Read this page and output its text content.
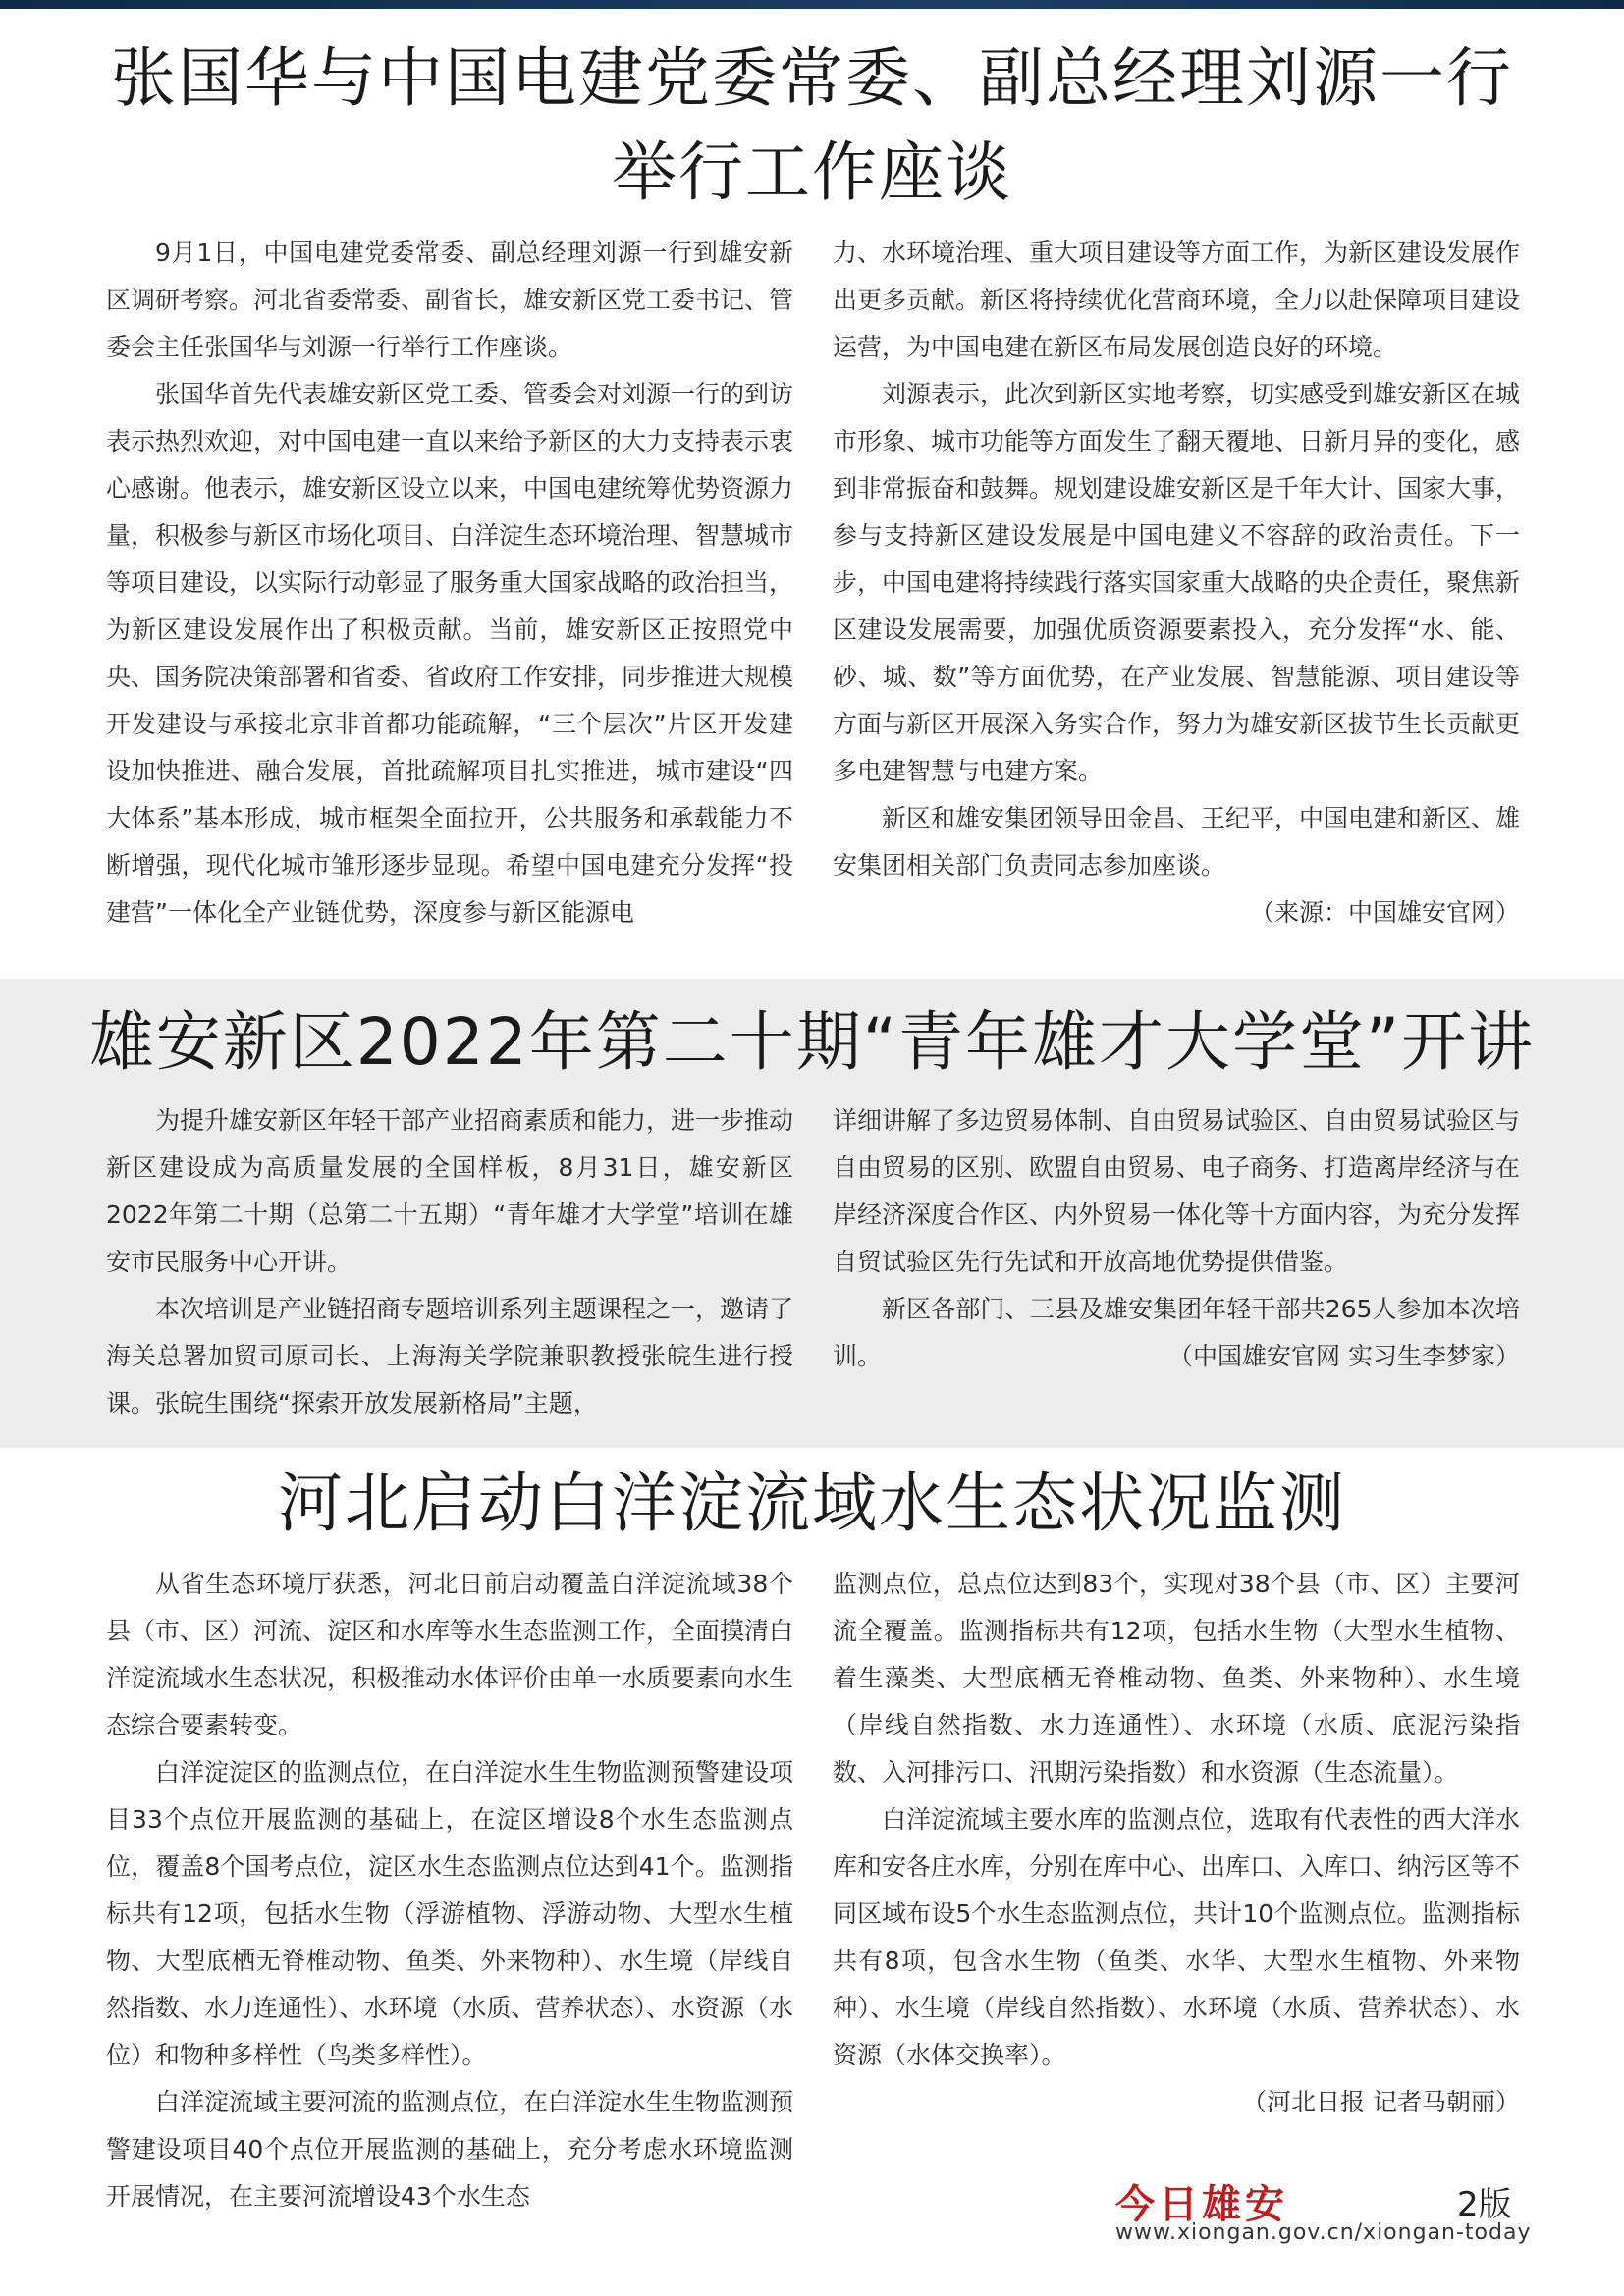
张国华与中国电建党委常委、副总经理刘源一行
举行工作座谈

9月1日，中国电建党委常委、副总经理刘源一行到雄安新区调研考察。河北省委常委、副省长，雄安新区党工委书记、管委会主任张国华与刘源一行举行工作座谈。

张国华首先代表雄安新区党工委、管委会对刘源一行的到访表示热烈欢迎，对中国电建一直以来给予新区的大力支持表示衷心感谢。他表示，雄安新区设立以来，中国电建统筹优势资源力量，积极参与新区市场化项目、白洋淀生态环境治理、智慧城市等项目建设，以实际行动彰显了服务重大国家战略的政治担当，为新区建设发展作出了积极贡献。当前，雄安新区正按照党中央、国务院决策部署和省委、省政府工作安排，同步推进大规模开发建设与承接北京非首都功能疏解，“三个层次”片区开发建设加快推进、融合发展，首批疏解项目扎实推进，城市建设“四大体系”基本形成，城市框架全面拉开，公共服务和承载能力不断增强，现代化城市雏形逐步显现。希望中国电建充分发挥“投建营”一体化全产业链优势，深度参与新区能源电

力、水环境治理、重大项目建设等方面工作，为新区建设发展作出更多贡献。新区将持续优化营商环境，全力以赴保障项目建设运营，为中国电建在新区布局发展创造良好的环境。

刘源表示，此次到新区实地考察，切实感受到雄安新区在城市形象、城市功能等方面发生了翻天覆地、日新月异的变化，感到非常振奋和鼓舞。规划建设雄安新区是千年大计、国家大事，参与支持新区建设发展是中国电建义不容辞的政治责任。下一步，中国电建将持续践行落实国家重大战略的央企责任，聚焦新区建设发展需要，加强优质资源要素投入，充分发挥“水、能、砂、城、数”等方面优势，在产业发展、智慧能源、项目建设等方面与新区开展深入务实合作，努力为雄安新区拔节生长贡献更多电建智慧与电建方案。

新区和雄安集团领导田金昌、王纪平，中国电建和新区、雄安集团相关部门负责同志参加座谈。

（来源：中国雄安官网）
雄安新区2022年第二十期“青年雄才大学堂”开讲

为提升雄安新区年轻干部产业招商素质和能力，进一步推动新区建设成为高质量发展的全国样板，8月31日，雄安新区2022年第二十期（总第二十五期）“青年雄才大学堂”培训在雄安市民服务中心开讲。

本次培训是产业链招商专题培训系列主题课程之一，邀请了海关总署加贸司原司长、上海海关学院兼职教授张皖生进行授课。张皖生围绕“探索开放发展新格局”主题，

详细讲解了多边贸易体制、自由贸易试验区、自由贸易试验区与自由贸易的区别、欧盟自由贸易、电子商务、打造离岸经济与在岸经济深度合作区、内外贸易一体化等十方面内容，为充分发挥自贸试验区先行先试和开放高地优势提供借鉴。

新区各部门、三县及雄安集团年轻干部共265人参加本次培训。	（中国雄安官网 实习生李梦家）

河北启动白洋淀流域水生态状况监测

从省生态环境厅获悉，河北日前启动覆盖白洋淀流域38个县（市、区）河流、淀区和水库等水生态监测工作，全面摸清白洋淀流域水生态状况，积极推动水体评价由单一水质要素向水生态综合要素转变。

白洋淀淀区的监测点位，在白洋淀水生生物监测预警建设项目33个点位开展监测的基础上，在淀区增设8个水生态监测点位，覆盖8个国考点位，淀区水生态监测点位达到41个。监测指标共有12项，包括水生物（浮游植物、浮游动物、大型水生植物、大型底栖无脊椎动物、鱼类、外来物种）、水生境（岸线自然指数、水力连通性）、水环境（水质、营养状态）、水资源（水位）和物种多样性（鸟类多样性）。

白洋淀流域主要河流的监测点位，在白洋淀水生生物监测预警建设项目40个点位开展监测的基础上，充分考虑水环境监测开展情况，在主要河流增设43个水生态

监测点位，总点位达到83个，实现对38个县（市、区）主要河流全覆盖。监测指标共有12项，包括水生物（大型水生植物、着生藻类、大型底栖无脊椎动物、鱼类、外来物种）、水生境（岸线自然指数、水力连通性）、水环境（水质、底泥污染指数、入河排污口、汛期污染指数）和水资源（生态流量）。

白洋淀流域主要水库的监测点位，选取有代表性的西大洋水库和安各庄水库，分别在库中心、出库口、入库口、纳污区等不同区域布设5个水生态监测点位，共计10个监测点位。监测指标共有8项，包含水生物（鱼类、水华、大型水生植物、外来物种）、水生境（岸线自然指数）、水环境（水质、营养状态）、水资源（水体交换率）。

（河北日报 记者马朝丽）
今日雄安	2版
www.xiongan.gov.cn/xiongan-today
